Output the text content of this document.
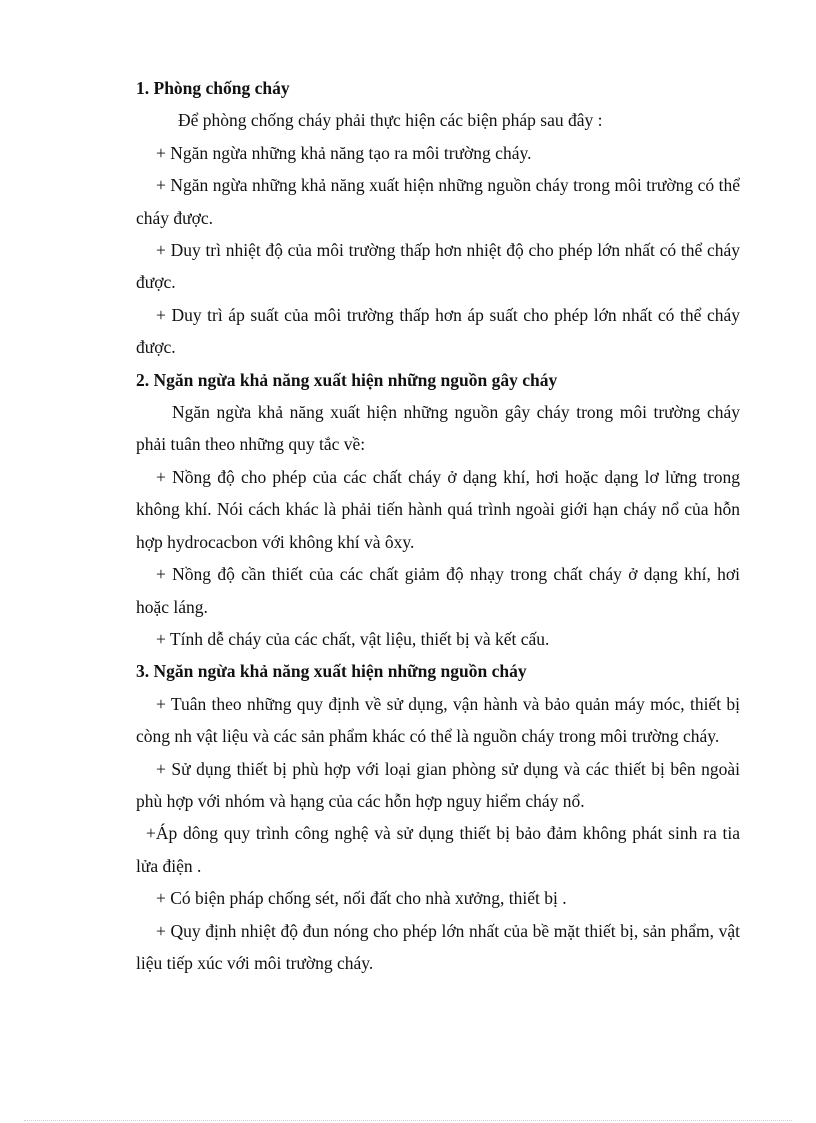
1. Phòng chống cháy

Để phòng chống cháy phải thực hiện các biện pháp sau đây :

+ Ngăn ngừa những khả năng tạo ra môi trường cháy.

+ Ngăn ngừa những khả năng xuất hiện những nguồn cháy trong môi trường có thể cháy được.

+ Duy trì nhiệt độ của môi trường thấp hơn nhiệt độ cho phép lớn nhất có thể cháy được.

+ Duy trì áp suất của môi trường thấp hơn áp suất cho phép lớn nhất có thể cháy được.

2. Ngăn ngừa khả năng xuất hiện những nguồn gây cháy

Ngăn ngừa khả năng xuất hiện những nguồn gây cháy trong môi trường cháy phải tuân theo những quy tắc về:

+ Nồng độ cho phép của các chất cháy ở dạng khí, hơi hoặc dạng lơ lửng trong không khí. Nói cách khác là phải tiến hành quá trình ngoài giới hạn cháy nổ của hỗn hợp hydrocacbon với không khí và ôxy.

+ Nồng độ cần thiết của các chất giảm độ nhạy trong chất cháy ở dạng khí, hơi hoặc láng.

+ Tính dễ cháy của các chất, vật liệu, thiết bị và kết cấu.

3. Ngăn ngừa khả năng xuất hiện những nguồn cháy

+ Tuân theo những quy định về sử dụng, vận hành và bảo quản máy móc, thiết bị còng nh vật liệu và các sản phẩm khác có thể là nguồn cháy trong môi trường cháy.

+ Sử dụng thiết bị phù hợp với loại gian phòng sử dụng và các thiết bị bên ngoài phù hợp với nhóm và hạng của các hỗn hợp nguy hiểm cháy nổ.

+Áp dông quy trình công nghệ và sử dụng thiết bị bảo đảm không phát sinh ra tia lửa điện .

+ Có biện pháp chống sét, nối đất cho nhà xưởng, thiết bị .

+ Quy định nhiệt độ đun nóng cho phép lớn nhất của bề mặt thiết bị, sản phẩm, vật liệu tiếp xúc với môi trường cháy.
